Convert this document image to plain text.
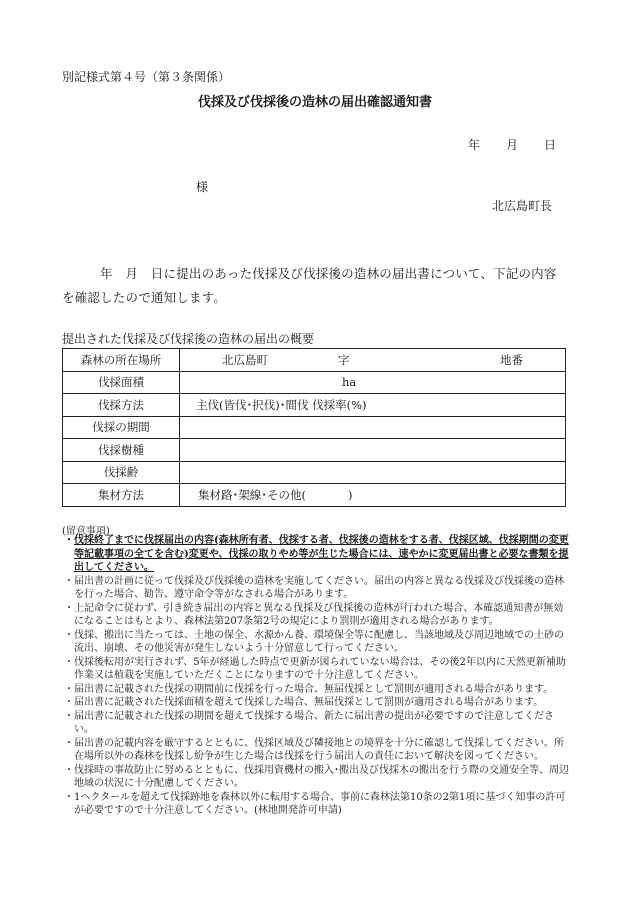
別記様式第４号（第３条関係）
伐採及び伐採後の造林の届出確認通知書
年 月 日
様
北広島町長
年　月　日に提出のあった伐採及び伐採後の造林の届出書について、下記の内容を確認したので通知します。
提出された伐採及び伐採後の造林の届出の概要
森林の所在場所	北広島町 字 地番

伐採面積	ha

伐採方法	主伐(皆伐･択伐)･間伐 伐採率(%)

伐採の期間	
伐採樹種	
伐採齢	
集材方法	集材路･架線･その他( )
(留意事項)

・ 伐採終了までに伐採届出の内容(森林所有者、伐採する者、伐採後の造林をする者、伐採区域、伐採期間の変更等記載事項の全てを含む)変更や、伐採の取りやめ等が生じた場合には、速やかに変更届出書と必要な書類を提出してください。

・ 届出書の計画に従って伐採及び伐採後の造林を実施してください。届出の内容と異なる伐採及び伐採後の造林を行った場合、勧告、遵守命令等がなされる場合があります。

・ 上記命令に従わず、引き続き届出の内容と異なる伐採及び伐採後の造林が行われた場合、本確認通知書が無効になることはもとより、森林法第207条第2号の規定により罰則が適用される場合があります。

・ 伐採、搬出に当たっては、土地の保全、水源かん養、環境保全等に配慮し、当該地域及び周辺地域での土砂の流出、崩壊、その他災害が発生しないよう十分留意して行ってください。

・ 伐採後転用が実行されず、5年が経過した時点で更新が図られていない場合は、その後2年以内に天然更新補助作業又は植栽を実施していただくことになりますので十分注意してください。

・ 届出書に記載された伐採の期間前に伐採を行った場合、無届伐採として罰則が適用される場合があります。

・ 届出書に記載された伐採面積を超えて伐採した場合、無届伐採として罰則が適用される場合があります。

・ 届出書に記載された伐採の期間を超えて伐採する場合、新たに届出書の提出が必要ですので注意してください。

・ 届出書の記載内容を厳守するとともに、伐採区域及び隣接地との境界を十分に確認して伐採してください。所在場所以外の森林を伐採し紛争が生じた場合は伐採を行う届出人の責任において解決を図ってください。

・ 伐採時の事故防止に努めるとともに、伐採用資機材の搬入･搬出及び伐採木の搬出を行う際の交通安全等、周辺地域の状況に十分配慮してください。

・ 1ヘクタールを超えて伐採跡地を森林以外に転用する場合、事前に森林法第10条の2第1項に基づく知事の許可が必要ですので十分注意してください。(林地開発許可申請)
